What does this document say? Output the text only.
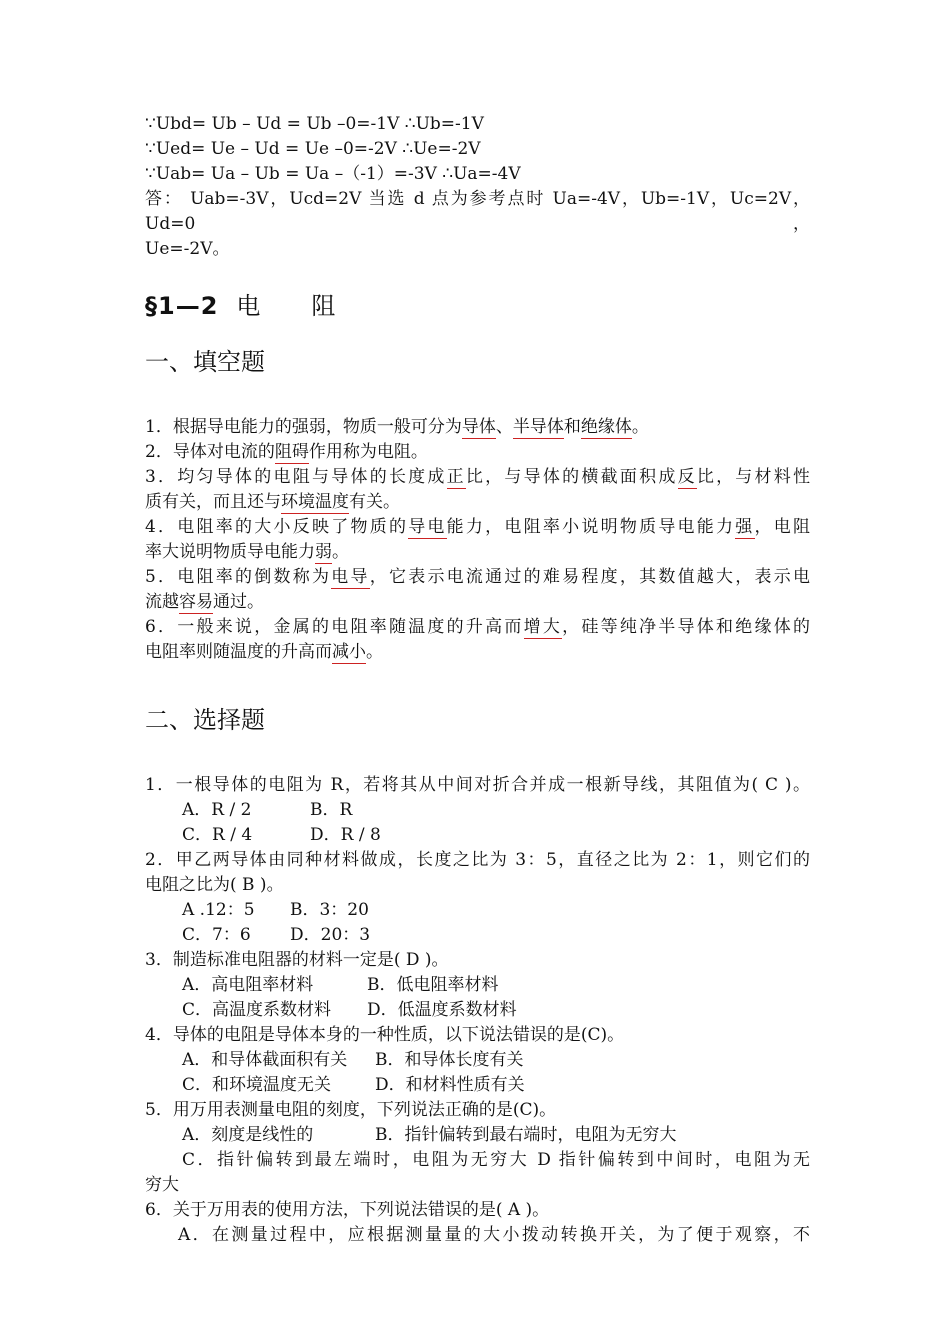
∵Ubd= Ub – Ud = Ub –0=-1V ∴Ub=-1V

∵Ued= Ue – Ud = Ue –0=-2V ∴Ue=-2V

∵Uab= Ua – Ub = Ua –（-1）=-3V ∴Ua=-4V

答： Uab=-3V，Ucd=2V 当选 d 点为参考点时 Ua=-4V，Ub=-1V，Uc=2V，Ud=0，

Ue=-2V。

§1—2 电 阻

一、填空题

1．根据导电能力的强弱，物质一般可分为导体、半导体和绝缘体。

2．导体对电流的阻碍作用称为电阻。

3．均匀导体的电阻与导体的长度成正比，与导体的横截面积成反比，与材料性

质有关，而且还与环境温度有关。

4．电阻率的大小反映了物质的导电能力，电阻率小说明物质导电能力强，电阻

率大说明物质导电能力弱。

5．电阻率的倒数称为电导，它表示电流通过的难易程度，其数值越大，表示电

流越容易通过。

6．一般来说，金属的电阻率随温度的升高而增大，硅等纯净半导体和绝缘体的

电阻率则随温度的升高而减小。

二、选择题

1．一根导体的电阻为 R，若将其从中间对折合并成一根新导线，其阻值为( C )。

A．R / 2	B．R

C．R / 4	D．R / 8

2．甲乙两导体由同种材料做成，长度之比为 3：5，直径之比为 2：1，则它们的

电阻之比为( B )。

A .12：5 B．3：20

C．7：6 D．20：3

3．制造标准电阻器的材料一定是( D )。

A．高电阻率材料	B．低电阻率材料

C．高温度系数材料 D．低温度系数材料

4．导体的电阻是导体本身的一种性质，以下说法错误的是(C)。

A．和导体截面积有关 B．和导体长度有关

C．和环境温度无关	D．和材料性质有关

5．用万用表测量电阻的刻度，下列说法正确的是(C)。

A．刻度是线性的	B．指针偏转到最右端时，电阻为无穷大

C．指针偏转到最左端时，电阻为无穷大 D 指针偏转到中间时，电阻为无

穷大

6．关于万用表的使用方法，下列说法错误的是( A )。

A．在测量过程中，应根据测量量的大小拨动转换开关，为了便于观察，不
